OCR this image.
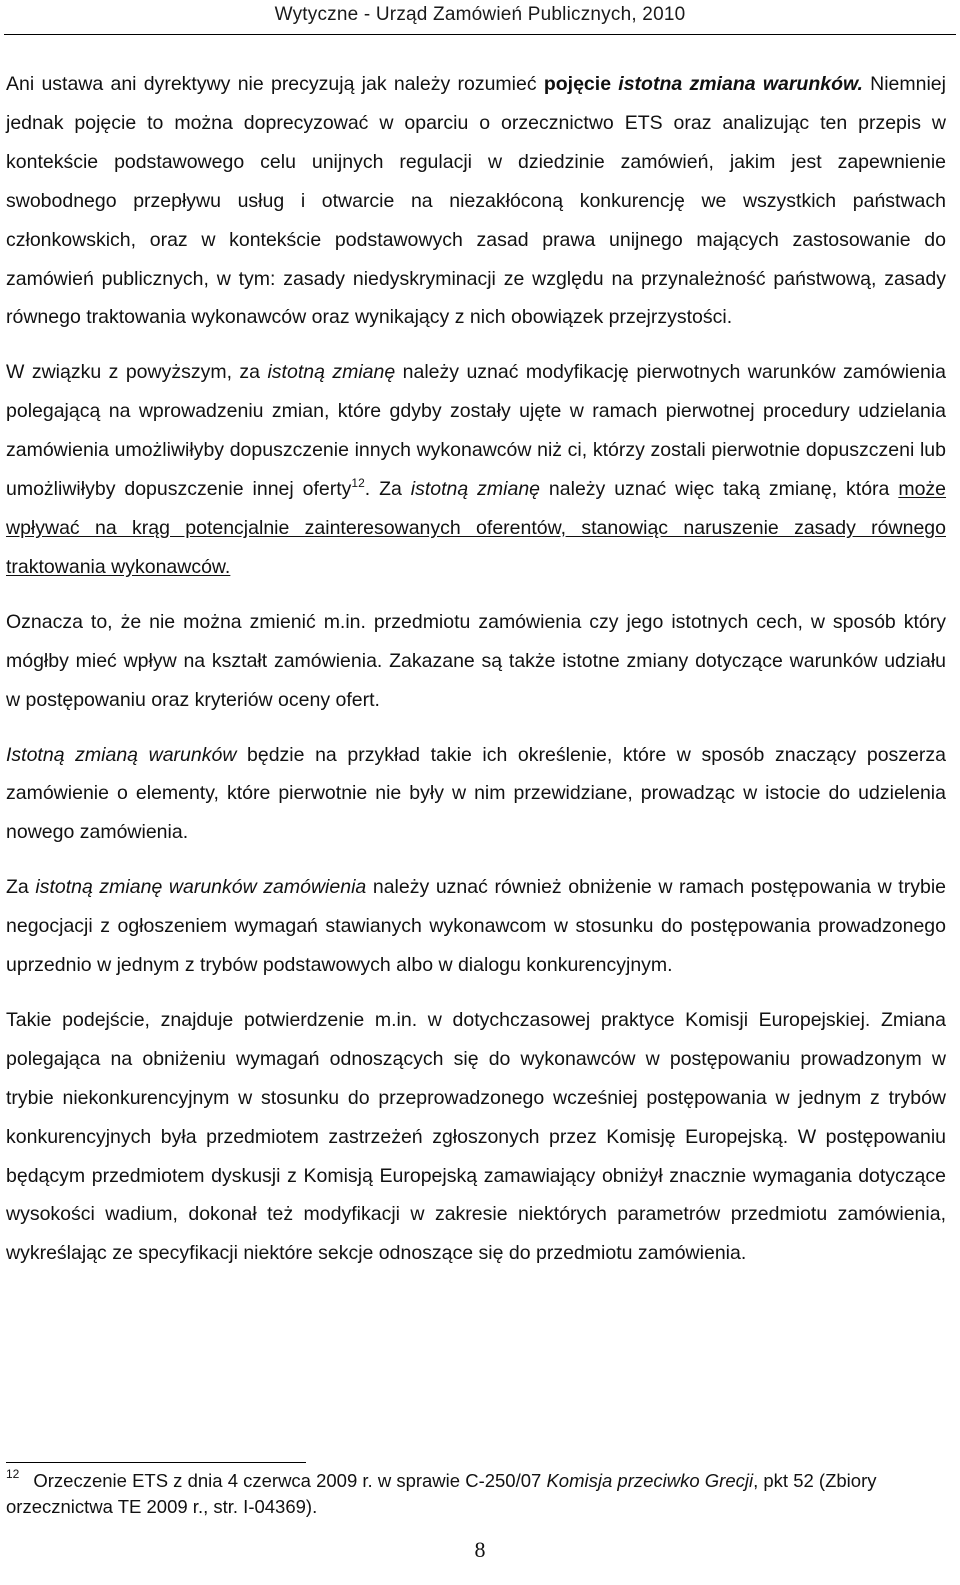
Wytyczne - Urząd Zamówień Publicznych, 2010

Ani ustawa ani dyrektywy nie precyzują jak należy rozumieć pojęcie istotna zmiana warunków. Niemniej jednak pojęcie to można doprecyzować w oparciu o orzecznictwo ETS oraz analizując ten przepis w kontekście podstawowego celu unijnych regulacji w dziedzinie zamówień, jakim jest zapewnienie swobodnego przepływu usług i otwarcie na niezakłóconą konkurencję we wszystkich państwach członkowskich, oraz w kontekście podstawowych zasad prawa unijnego mających zastosowanie do zamówień publicznych, w tym: zasady niedyskryminacji ze względu na przynależność państwową, zasady równego traktowania wykonawców oraz wynikający z nich obowiązek przejrzystości.

W związku z powyższym, za istotną zmianę należy uznać modyfikację pierwotnych warunków zamówienia polegającą na wprowadzeniu zmian, które gdyby zostały ujęte w ramach pierwotnej procedury udzielania zamówienia umożliwiłyby dopuszczenie innych wykonawców niż ci, którzy zostali pierwotnie dopuszczeni lub umożliwiłyby dopuszczenie innej oferty$^{12}$. Za istotną zmianę należy uznać więc taką zmianę, która może wpływać na krąg potencjalnie zainteresowanych oferentów, stanowiąc naruszenie zasady równego traktowania wykonawców.

Oznacza to, że nie można zmienić m.in. przedmiotu zamówienia czy jego istotnych cech, w sposób który mógłby mieć wpływ na kształt zamówienia. Zakazane są także istotne zmiany dotyczące warunków udziału w postępowaniu oraz kryteriów oceny ofert.

Istotną zmianą warunków będzie na przykład takie ich określenie, które w sposób znaczący poszerza zamówienie o elementy, które pierwotnie nie były w nim przewidziane, prowadząc w istocie do udzielenia nowego zamówienia.

Za istotną zmianę warunków zamówienia należy uznać również obniżenie w ramach postępowania w trybie negocjacji z ogłoszeniem wymagań stawianych wykonawcom w stosunku do postępowania prowadzonego uprzednio w jednym z trybów podstawowych albo w dialogu konkurencyjnym.

Takie podejście, znajduje potwierdzenie m.in. w dotychczasowej praktyce Komisji Europejskiej. Zmiana polegająca na obniżeniu wymagań odnoszących się do wykonawców w postępowaniu prowadzonym w trybie niekonkurencyjnym w stosunku do przeprowadzonego wcześniej postępowania w jednym z trybów konkurencyjnych była przedmiotem zastrzeżeń zgłoszonych przez Komisję Europejską. W postępowaniu będącym przedmiotem dyskusji z Komisją Europejską zamawiający obniżył znacznie wymagania dotyczące wysokości wadium, dokonał też modyfikacji w zakresie niektórych parametrów przedmiotu zamówienia, wykreślając ze specyfikacji niektóre sekcje odnoszące się do przedmiotu zamówienia.

$^{12}$ Orzeczenie ETS z dnia 4 czerwca 2009 r. w sprawie C-250/07 Komisja przeciwko Grecji, pkt 52 (Zbiory orzecznictwa TE 2009 r., str. I-04369).
8
